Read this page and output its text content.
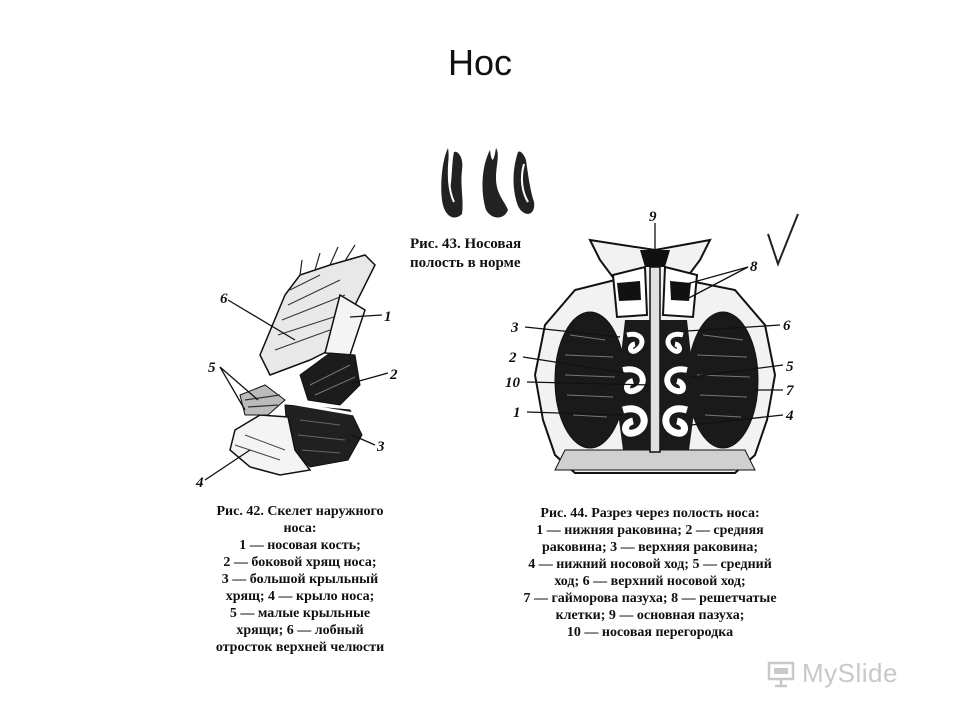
Нос
Рис. 43. Носовая
полость в норме
6
1
5	2
3
4
Рис. 42. Скелет наружного
носа:
1 — носовая кость;
2 — боковой хрящ носа;
3 — большой крыльный
хрящ; 4 — крыло носа;
5 — малые крыльные
хрящи; 6 — лобный
отросток верхней челюсти
9
8
3	6
2
5
10	7
1	4
Рис. 44. Разрез через полость носа:
1 — нижняя раковина; 2 — средняя
раковина; 3 — верхняя раковина;
4 — нижний носовой ход; 5 — средний
ход; 6 — верхний носовой ход;
7 — гайморова пазуха; 8 — решетчатые
клетки; 9 — основная пазуха;
10 — носовая перегородка
MySlide
